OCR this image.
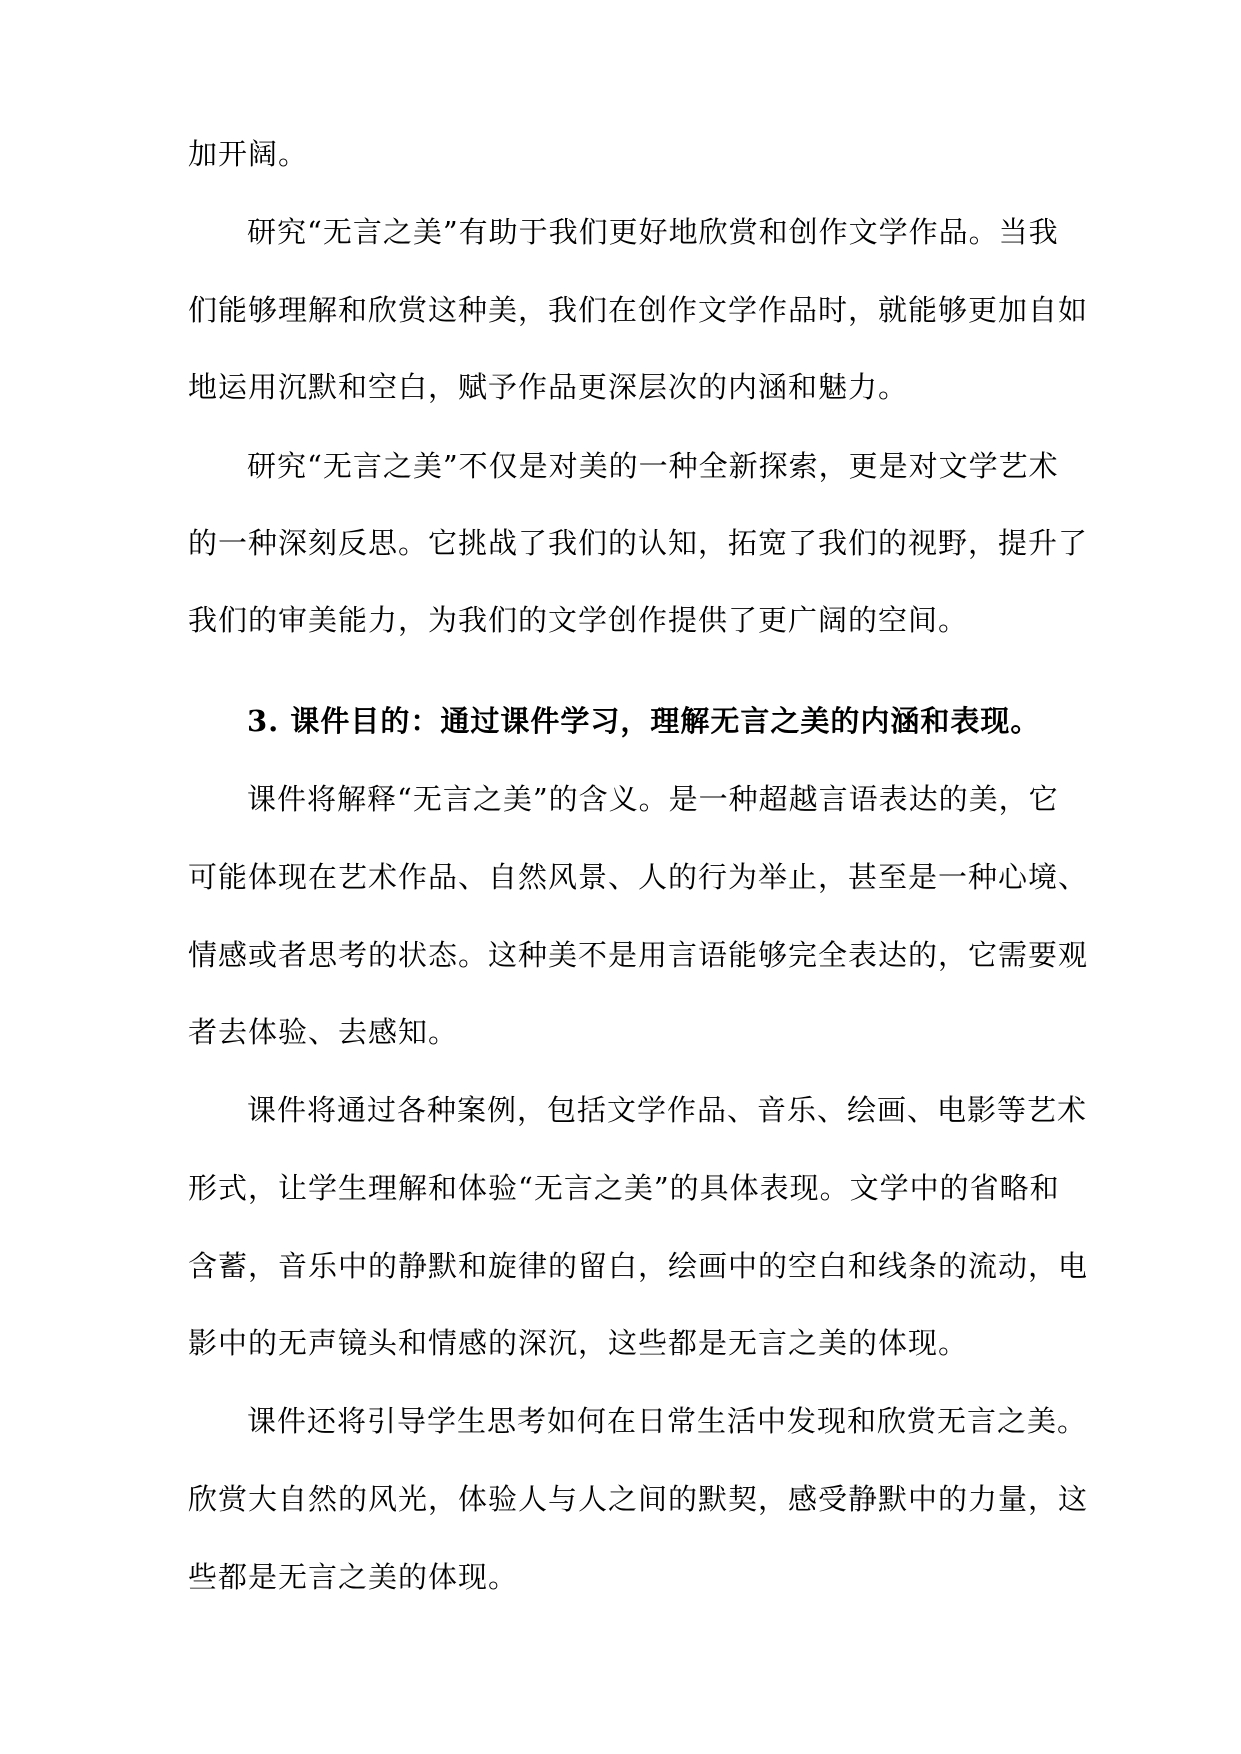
加开阔。
研究“无言之美”有助于我们更好地欣赏和创作文学作品。当我
们能够理解和欣赏这种美，我们在创作文学作品时，就能够更加自如
地运用沉默和空白，赋予作品更深层次的内涵和魅力。
研究“无言之美”不仅是对美的一种全新探索，更是对文学艺术
的一种深刻反思。它挑战了我们的认知，拓宽了我们的视野，提升了
我们的审美能力，为我们的文学创作提供了更广阔的空间。
3. 课件目的：通过课件学习，理解无言之美的内涵和表现。
课件将解释“无言之美”的含义。是一种超越言语表达的美，它
可能体现在艺术作品、自然风景、人的行为举止，甚至是一种心境、
情感或者思考的状态。这种美不是用言语能够完全表达的，它需要观
者去体验、去感知。
课件将通过各种案例，包括文学作品、音乐、绘画、电影等艺术
形式，让学生理解和体验“无言之美”的具体表现。文学中的省略和
含蓄，音乐中的静默和旋律的留白，绘画中的空白和线条的流动，电
影中的无声镜头和情感的深沉，这些都是无言之美的体现。
课件还将引导学生思考如何在日常生活中发现和欣赏无言之美。
欣赏大自然的风光，体验人与人之间的默契，感受静默中的力量，这
些都是无言之美的体现。
